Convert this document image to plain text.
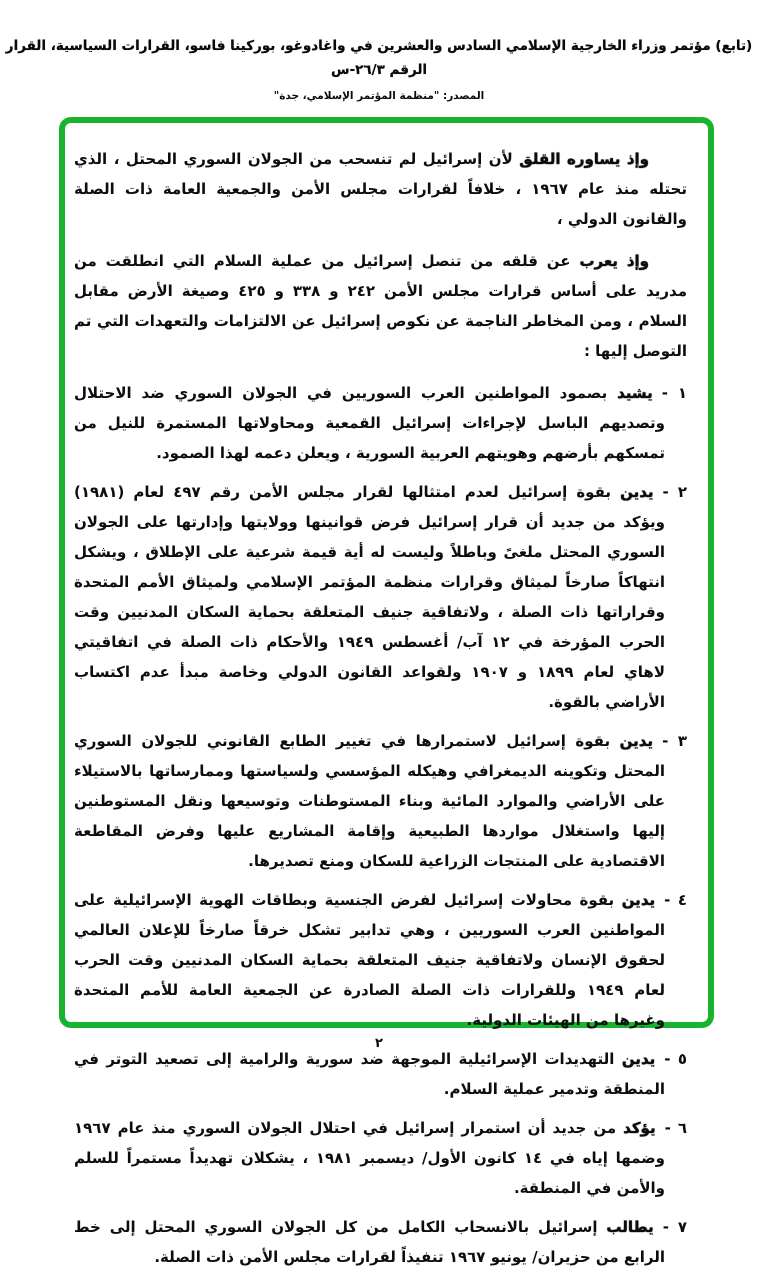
(تابع) مؤتمر وزراء الخارجية الإسلامي السادس والعشرين في واغادوغو، بوركينا فاسو، القرارات السياسية، القرار الرقم ٢٦/٣-س
المصدر: "منظمة المؤتمر الإسلامي، جدة"

وإذ يساوره القلق لأن إسرائيل لم تنسحب من الجولان السوري المحتل ، الذي تحتله منذ عام ١٩٦٧ ، خلافاً لقرارات مجلس الأمن والجمعية العامة ذات الصلة والقانون الدولي ،

وإذ يعرب عن قلقه من تنصل إسرائيل من عملية السلام التي انطلقت من مدريد على أساس قرارات مجلس الأمن ٢٤٢ و ٣٣٨ و ٤٢٥ وصيغة الأرض مقابل السلام ، ومن المخاطر الناجمة عن نكوص إسرائيل عن الالتزامات والتعهدات التي تم التوصل إليها :

١ -يشيد بصمود المواطنين العرب السوريين في الجولان السوري ضد الاحتلال وتصديهم الباسل لإجراءات إسرائيل القمعية ومحاولاتها المستمرة للنيل من تمسكهم بأرضهم وهويتهم العربية السورية ، ويعلن دعمه لهذا الصمود.

٢ -يدين بقوة إسرائيل لعدم امتثالها لقرار مجلس الأمن رقم ٤٩٧ لعام (١٩٨١) ويؤكد من جديد أن قرار إسرائيل فرض قوانينها وولايتها وإدارتها على الجولان السوري المحتل ملغىً وباطلاً وليست له أية قيمة شرعية على الإطلاق ، ويشكل انتهاكاً صارخاً لميثاق وقرارات منظمة المؤتمر الإسلامي ولميثاق الأمم المتحدة وقراراتها ذات الصلة ، ولاتفاقية جنيف المتعلقة بحماية السكان المدنيين وقت الحرب المؤرخة في ١٢ آب/ أغسطس ١٩٤٩ والأحكام ذات الصلة في اتفاقيتي لاهاي لعام ١٨٩٩ و ١٩٠٧ ولقواعد القانون الدولي وخاصة مبدأ عدم اكتساب الأراضي بالقوة.

٣ -يدين بقوة إسرائيل لاستمرارها في تغيير الطابع القانوني للجولان السوري المحتل وتكوينه الديمغرافي وهيكله المؤسسي ولسياستها وممارساتها بالاستيلاء على الأراضي والموارد المائية وبناء المستوطنات وتوسيعها ونقل المستوطنين إليها واستغلال مواردها الطبيعية وإقامة المشاريع عليها وفرض المقاطعة الاقتصادية على المنتجات الزراعية للسكان ومنع تصديرها.

٤ -يدين بقوة محاولات إسرائيل لفرض الجنسية وبطاقات الهوية الإسرائيلية على المواطنين العرب السوريين ، وهي تدابير تشكل خرقاً صارخاً للإعلان العالمي لحقوق الإنسان ولاتفاقية جنيف المتعلقة بحماية السكان المدنيين وقت الحرب لعام ١٩٤٩ وللقرارات ذات الصلة الصادرة عن الجمعية العامة للأمم المتحدة وغيرها من الهيئات الدولية.

٥ -يدين التهديدات الإسرائيلية الموجهة ضد سورية والرامية إلى تصعيد التوتر في المنطقة وتدمير عملية السلام.

٦ -يؤكد من جديد أن استمرار إسرائيل في احتلال الجولان السوري منذ عام ١٩٦٧ وضمها إياه في ١٤ كانون الأول/ ديسمبر ١٩٨١ ، يشكلان تهديداً مستمراً للسلم والأمن في المنطقة.

٧ -يطالب إسرائيل بالانسحاب الكامل من كل الجولان السوري المحتل إلى خط الرابع من حزيران/ يونيو ١٩٦٧ تنفيذاً لقرارات مجلس الأمن ذات الصلة.

٢
